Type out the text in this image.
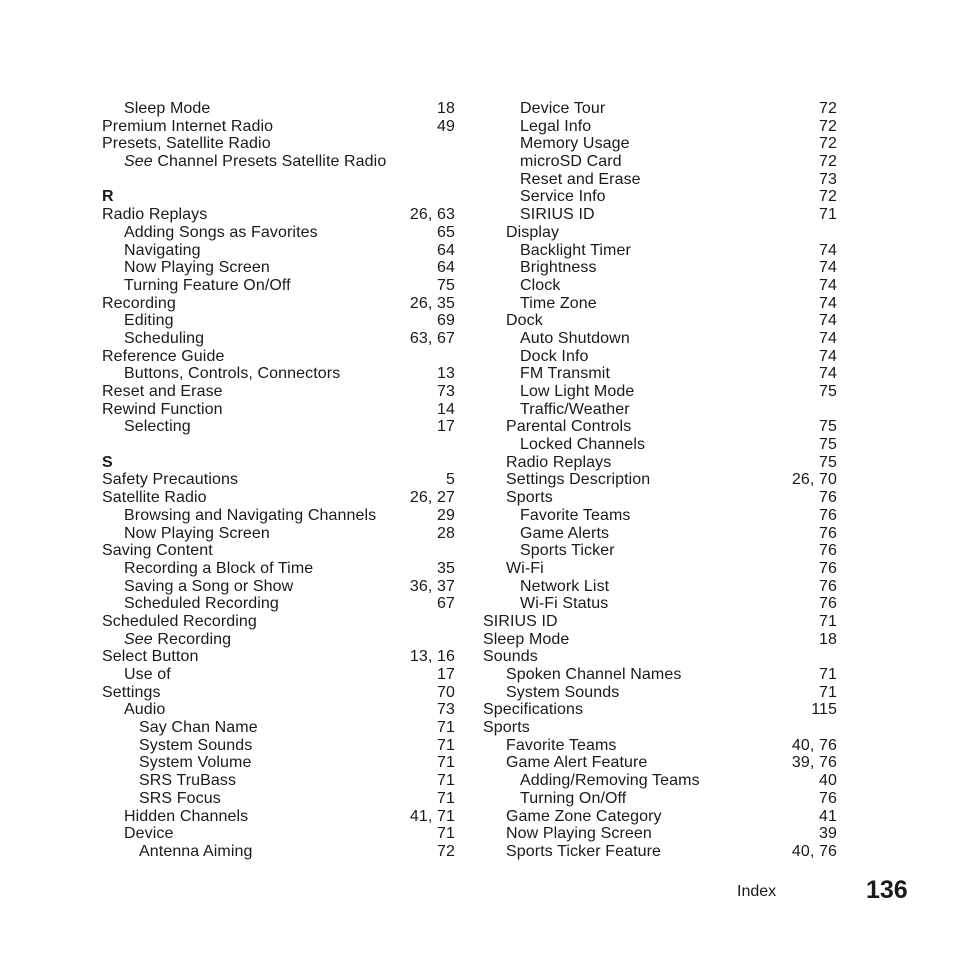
Sleep Mode	18
Premium Internet Radio	49
Presets, Satellite Radio
See Channel Presets Satellite Radio
R
Radio Replays	26, 63
Adding Songs as Favorites	65
Navigating	64
Now Playing Screen	64
Turning Feature On/Off	75
Recording	26, 35
Editing	69
Scheduling	63, 67
Reference Guide
Buttons, Controls, Connectors	13
Reset and Erase	73
Rewind Function	14
Selecting	17
S
Safety Precautions	5
Satellite Radio	26, 27
Browsing and Navigating Channels	29
Now Playing Screen	28
Saving Content
Recording a Block of Time	35
Saving a Song or Show	36, 37
Scheduled Recording	67
Scheduled Recording
See Recording
Select Button	13, 16
Use of	17
Settings	70
Audio	73
Say Chan Name	71
System Sounds	71
System Volume	71
SRS TruBass	71
SRS Focus	71
Hidden Channels	41, 71
Device	71
Antenna Aiming	72
Device Tour	72
Legal Info	72
Memory Usage	72
microSD Card	72
Reset and Erase	73
Service Info	72
SIRIUS ID	71
Display
Backlight Timer	74
Brightness	74
Clock	74
Time Zone	74
Dock	74
Auto Shutdown	74
Dock Info	74
FM Transmit	74
Low Light Mode	75
Traffic/Weather
Parental Controls	75
Locked Channels	75
Radio Replays	75
Settings Description	26, 70
Sports	76
Favorite Teams	76
Game Alerts	76
Sports Ticker	76
Wi-Fi	76
Network List	76
Wi-Fi Status	76
SIRIUS ID	71
Sleep Mode	18
Sounds
Spoken Channel Names	71
System Sounds	71
Specifications	115
Sports
Favorite Teams	40, 76
Game Alert Feature	39, 76
Adding/Removing Teams	40
Turning On/Off	76
Game Zone Category	41
Now Playing Screen	39
Sports Ticker Feature	40, 76
Index	136
